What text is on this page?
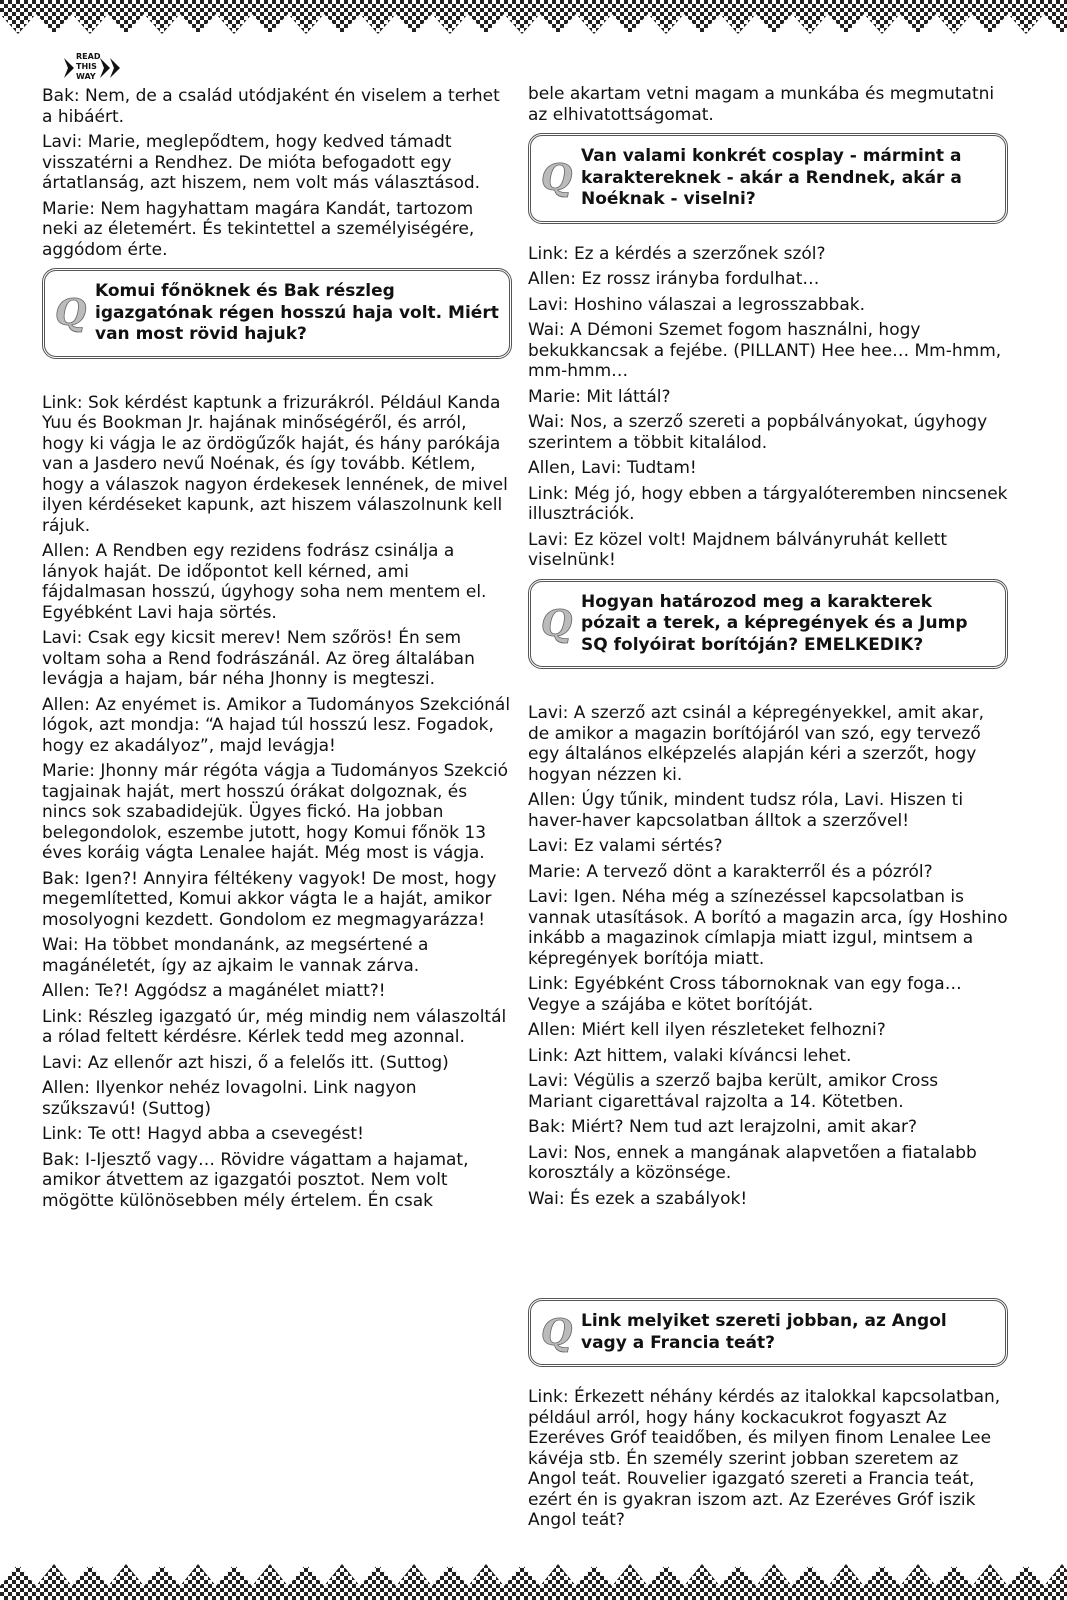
READ
THIS
WAY

Bak: Nem, de a család utódjaként én viselem a terhet a hibáért.

Lavi: Marie, meglepődtem, hogy kedved támadt visszatérni a Rendhez. De mióta befogadott egy ártatlanság, azt hiszem, nem volt más választásod.

Marie: Nem hagyhattam magára Kandát, tartozom neki az életemért. És tekintettel a személyiségére, aggódom érte.

Q
Komui főnöknek és Bak részleg igazgatónak régen hosszú haja volt. Miért van most rövid hajuk?

Link: Sok kérdést kaptunk a frizurákról. Például Kanda Yuu és Bookman Jr. hajának minőségéről, és arról, hogy ki vágja le az ördögűzők haját, és hány parókája van a Jasdero nevű Noénak, és így tovább. Kétlem, hogy a válaszok nagyon érdekesek lennének, de mivel ilyen kérdéseket kapunk, azt hiszem válaszolnunk kell rájuk.

Allen: A Rendben egy rezidens fodrász csinálja a lányok haját. De időpontot kell kérned, ami fájdalmasan hosszú, úgyhogy soha nem mentem el. Egyébként Lavi haja sörtés.

Lavi: Csak egy kicsit merev! Nem szőrös! Én sem voltam soha a Rend fodrászánál. Az öreg általában levágja a hajam, bár néha Jhonny is megteszi.

Allen: Az enyémet is. Amikor a Tudományos Szekciónál lógok, azt mondja: “A hajad túl hosszú lesz. Fogadok, hogy ez akadályoz”, majd levágja!

Marie: Jhonny már régóta vágja a Tudományos Szekció tagjainak haját, mert hosszú órákat dolgoznak, és nincs sok szabadidejük. Ügyes fickó. Ha jobban belegondolok, eszembe jutott, hogy Komui főnök 13 éves koráig vágta Lenalee haját. Még most is vágja.

Bak: Igen?! Annyira féltékeny vagyok! De most, hogy megemlítetted, Komui akkor vágta le a haját, amikor mosolyogni kezdett. Gondolom ez megmagyarázza!

Wai: Ha többet mondanánk, az megsértené a magánéletét, így az ajkaim le vannak zárva.

Allen: Te?! Aggódsz a magánélet miatt?!

Link: Részleg igazgató úr, még mindig nem válaszoltál a rólad feltett kérdésre. Kérlek tedd meg azonnal.

Lavi: Az ellenőr azt hiszi, ő a felelős itt. (Suttog)

Allen: Ilyenkor nehéz lovagolni. Link nagyon szűkszavú! (Suttog)

Link: Te ott! Hagyd abba a csevegést!

Bak: I-Ijesztő vagy… Rövidre vágattam a hajamat, amikor átvettem az igazgatói posztot. Nem volt mögötte különösebben mély értelem. Én csak

bele akartam vetni magam a munkába és megmutatni az elhivatottságomat.

Q
Van valami konkrét cosplay - mármint a karaktereknek - akár a Rendnek, akár a Noéknak - viselni?

Link: Ez a kérdés a szerzőnek szól?

Allen: Ez rossz irányba fordulhat…

Lavi: Hoshino válaszai a legrosszabbak.

Wai: A Démoni Szemet fogom használni, hogy bekukkancsak a fejébe. (PILLANT) Hee hee… Mm-hmm, mm-hmm…

Marie: Mit láttál?

Wai: Nos, a szerző szereti a popbálványokat, úgyhogy szerintem a többit kitalálod.

Allen, Lavi: Tudtam!

Link: Még jó, hogy ebben a tárgyalóteremben nincsenek illusztrációk.

Lavi: Ez közel volt! Majdnem bálványruhát kellett viselnünk!

Q
Hogyan határozod meg a karakterek pózait a terek, a képregények és a Jump SQ folyóirat borítóján? EMELKEDIK?

Lavi: A szerző azt csinál a képregényekkel, amit akar, de amikor a magazin borítójáról van szó, egy tervező egy általános elképzelés alapján kéri a szerzőt, hogy hogyan nézzen ki.

Allen: Úgy tűnik, mindent tudsz róla, Lavi. Hiszen ti haver-haver kapcsolatban álltok a szerzővel!

Lavi: Ez valami sértés?

Marie: A tervező dönt a karakterről és a pózról?

Lavi: Igen. Néha még a színezéssel kapcsolatban is vannak utasítások. A borító a magazin arca, így Hoshino inkább a magazinok címlapja miatt izgul, mintsem a képregények borítója miatt.

Link: Egyébként Cross tábornoknak van egy foga… Vegye a szájába e kötet borítóját.

Allen: Miért kell ilyen részleteket felhozni?

Link: Azt hittem, valaki kíváncsi lehet.

Lavi: Végülis a szerző bajba került, amikor Cross Mariant cigarettával rajzolta a 14. Kötetben.

Bak: Miért? Nem tud azt lerajzolni, amit akar?

Lavi: Nos, ennek a mangának alapvetően a fiatalabb korosztály a közönsége.

Wai: És ezek a szabályok!

Q Link melyiket szereti jobban, az Angol vagy a Francia teát?

Link: Érkezett néhány kérdés az italokkal kapcsolatban, például arról, hogy hány kockacukrot fogyaszt Az Ezeréves Gróf teaidőben, és milyen finom Lenalee Lee kávéja stb. Én személy szerint jobban szeretem az Angol teát. Rouvelier igazgató szereti a Francia teát, ezért én is gyakran iszom azt. Az Ezeréves Gróf iszik Angol teát?
